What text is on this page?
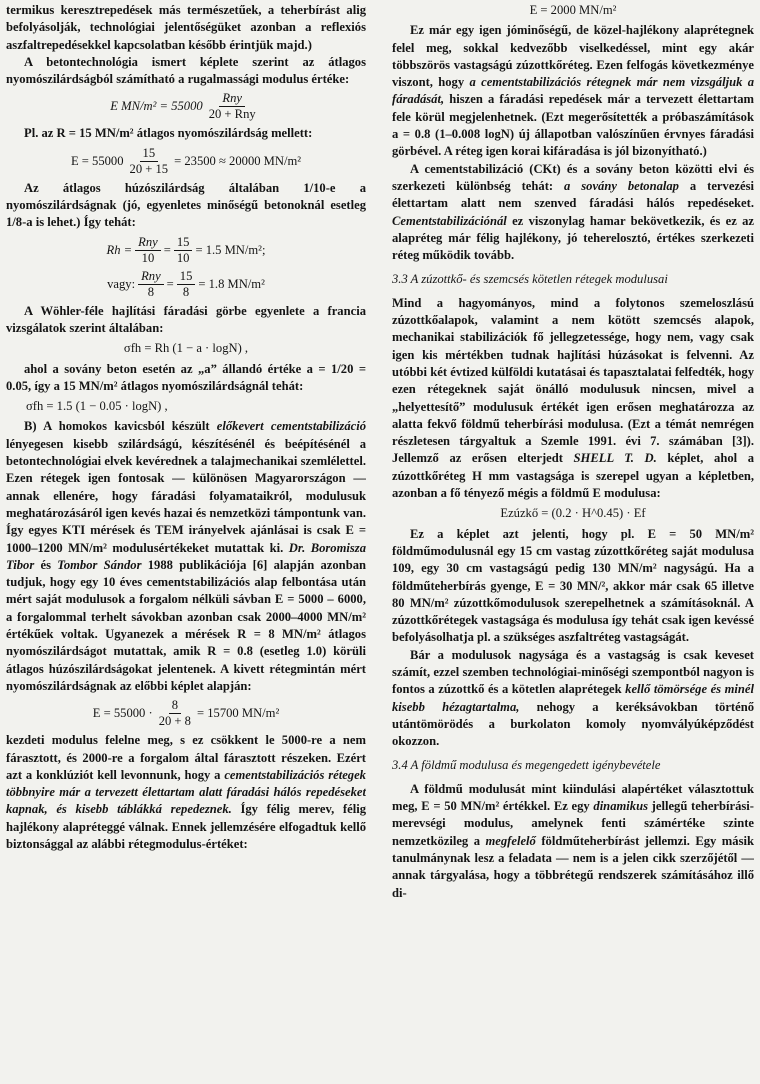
termikus keresztrepedések más természetűek, a teherbírást alig befolyásolják, technológiai jelentőségüket azonban a reflexiós aszfaltrepedésekkel kapcsolatban később érintjük majd.)

A betontechnológia ismert képlete szerint az átlagos nyomószilárdságból számítható a rugalmassági modulus értéke:

E $MN/m^2 = 55000 \frac{\text{Rny}}{\text{20 + Rny}}$

Pl. az R = 15 MN/m² átlagos nyomószilárdság mellett:

$E = 55000 \frac{15}{20 + 15} = 23500 \approx 20000$ MN/m²

Az átlagos húzószilárdság általában 1/10-e a nyomószilárdságnak (jó, egyenletes minőségű betonoknál esetleg 1/8-a is lehet.) Így tehát:

$Rh = \frac{\text{Rny}}{10} = \frac{15}{10} = 1.5$ MN/m²;
vagy: $\frac{\text{Rny}}{8} = \frac{15}{8} = 1.8$ MN/m²

A Wöhler-féle hajlítási fáradási görbe egyenlete a francia vizsgálatok szerint általában:

σfh = Rh (1 − a · logN) ,

ahol a sovány beton esetén az „a” állandó értéke a = 1/20 = 0.05, így a 15 MN/m² átlagos nyomószilárdságnál tehát:

σfh = 1.5 (1 − 0.05 · logN) ,

B) A homokos kavicsból készült előkevert cementstabilizáció lényegesen kisebb szilárdságú, készítésénél és beépítésénél a betontechnológiai elvek kevérednek a talajmechanikai szemlélettel. Ezen rétegek igen fontosak — különösen Magyarországon — annak ellenére, hogy fáradási folyamataikról, modulusuk meghatározásáról igen kevés hazai és nemzetközi támpontunk van. Így egyes KTI mérések és TEM irányelvek ajánlásai is csak E = 1000–1200 MN/m² modulusértékeket mutattak ki. Dr. Boromisza Tibor és Tombor Sándor 1988 publikációja [6] alapján azonban tudjuk, hogy egy 10 éves cementstabilizációs alap felbontása után mért saját modulusok a forgalom nélküli sávban E = 5000 – 6000, a forgalommal terhelt sávokban azonban csak 2000–4000 MN/m² értékűek voltak. Ugyanezek a mérések R = 8 MN/m² átlagos nyomószilárdságot mutattak, amik R = 0.8 (esetleg 1.0) körüli átlagos húzószilárdságokat jelentenek. A kivett rétegmintán mért nyomószilárdságnak az előbbi képlet alapján:

$E = 55000 \cdot \frac{8}{20 + 8} = 15700$ MN/m²

kezdeti modulus felelne meg, s ez csökkent le 5000-re a nem fárasztott, és 2000-re a forgalom által fárasztott részeken. Ezért azt a konklúziót kell levonnunk, hogy a cementstabilizációs rétegek többnyire már a tervezett élettartam alatt fáradási hálós repedéseket kapnak, és kisebb táblákká repedeznek. Így félig merev, félig hajlékony alapréteggé válnak. Ennek jellemzésére elfogadtuk kellő biztonsággal az alábbi rétegmodulus-értéket:

E = 2000 MN/m²

Ez már egy igen jóminőségű, de közel-hajlékony alaprétegnek felel meg, sokkal kedvezőbb viselkedéssel, mint egy akár többszörös vastagságú zúzottkőréteg. Ezen felfogás következménye viszont, hogy a cementstabilizációs rétegnek már nem vizsgáljuk a fáradását, hiszen a fáradási repedések már a tervezett élettartam fele körül megjelenhetnek. (Ezt megerősítették a próbaszámítások a = 0.8 (1–0.008 logN) új állapotban valószínűen érvnyes fáradási görbével. A réteg igen korai kifáradása is jól bizonyítható.)

A cementstabilizáció (CKt) és a sovány beton közötti elvi és szerkezeti különbség tehát: a sovány betonalap a tervezési élettartam alatt nem szenved fáradási hálós repedéseket. Cementstabilizációnál ez viszonylag hamar bekövetkezik, és ez az alapréteg már félig hajlékony, jó teherelosztó, értékes szerkezeti réteg működik tovább.

3.3 A zúzottkő- és szemcsés kötetlen rétegek modulusai

Mind a hagyományos, mind a folytonos szemeloszlású zúzottkőalapok, valamint a nem kötött szemcsés alapok, mechanikai stabilizációk fő jellegzetessége, hogy nem, vagy csak igen kis mértékben tudnak hajlítási húzásokat is felvenni. Az utóbbi két évtized külföldi kutatásai és tapasztalatai felfedték, hogy ezen rétegeknek saját önálló modulusuk nincsen, mivel a „helyettesítő” modulusuk értékét igen erősen meghatározza az alatta fekvő földmű teherbírási modulusa. (Ezt a témát nemrégen részletesen tárgyaltuk a Szemle 1991. évi 7. számában [3]). Jellemző az erősen elterjedt SHELL T. D. képlet, ahol a zúzottkőréteg H mm vastagsága is szerepel ugyan a képletben, azonban a fő tényező mégis a földmű E modulusa:

Ezúzkő = (0.2 · H^0.45) · Ef

Ez a képlet azt jelenti, hogy pl. E = 50 MN/m² földműmodulusnál egy 15 cm vastag zúzottkőréteg saját modulusa 109, egy 30 cm vastagságú pedig 130 MN/m² nagyságú. Ha a földműteherbírás gyenge, E = 30 MN/², akkor már csak 65 illetve 80 MN/m² zúzottkőmodulusok szerepelhetnek a számításoknál. A zúzottkőrétegek vastagsága és modulusa így tehát csak igen kevéssé befolyásolhatja pl. a szükséges aszfaltréteg vastagságát.

Bár a modulusok nagysága és a vastagság is csak keveset számít, ezzel szemben technológiai-minőségi szempontból nagyon is fontos a zúzottkő és a kötetlen alaprétegek kellő tömörsége és minél kisebb hézagtartalma, nehogy a keréksávokban történő utántömörödés a burkolaton komoly nyomvályúképződést okozzon.

3.4 A földmű modulusa és megengedett igénybevétele

A földmű modulusát mint kiindulási alapértéket választottuk meg, E = 50 MN/m² értékkel. Ez egy dinamikus jellegű teherbírási-merevségi modulus, amelynek fenti számértéke szinte nemzetközileg a megfelelő földműteherbírást jellemzi. Egy másik tanulmánynak lesz a feladata — nem is a jelen cikk szerzőjétől — annak tárgyalása, hogy a többrétegű rendszerek számításához illő di-
